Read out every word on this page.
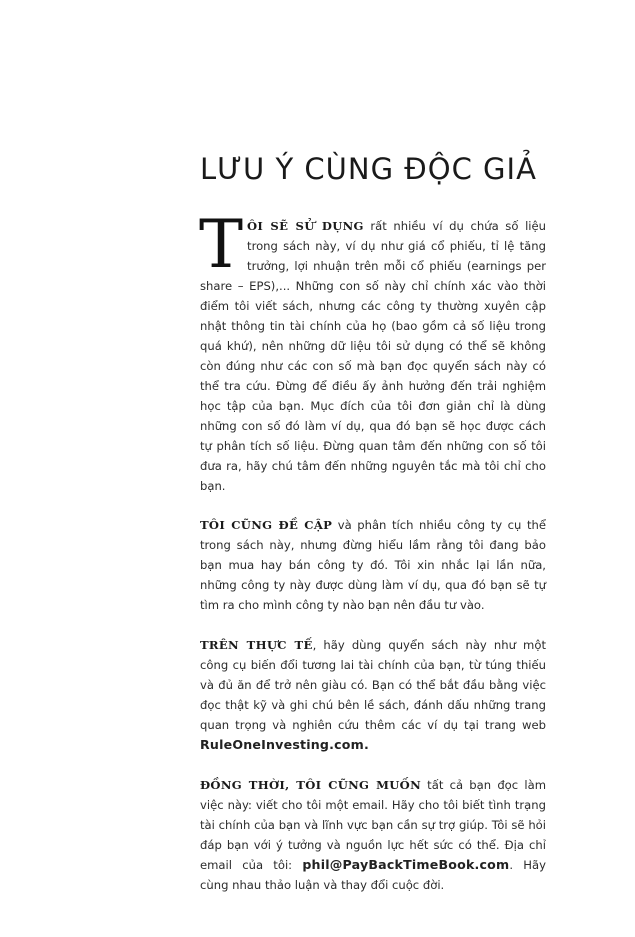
LƯU Ý CÙNG ĐỘC GIẢ

TÔI SẼ SỬ DỤNG rất nhiều ví dụ chứa số liệu trong sách này, ví dụ như giá cổ phiếu, tỉ lệ tăng trưởng, lợi nhuận trên mỗi cổ phiếu (earnings per share – EPS),... Những con số này chỉ chính xác vào thời điểm tôi viết sách, nhưng các công ty thường xuyên cập nhật thông tin tài chính của họ (bao gồm cả số liệu trong quá khứ), nên những dữ liệu tôi sử dụng có thể sẽ không còn đúng như các con số mà bạn đọc quyển sách này có thể tra cứu. Đừng để điều ấy ảnh hưởng đến trải nghiệm học tập của bạn. Mục đích của tôi đơn giản chỉ là dùng những con số đó làm ví dụ, qua đó bạn sẽ học được cách tự phân tích số liệu. Đừng quan tâm đến những con số tôi đưa ra, hãy chú tâm đến những nguyên tắc mà tôi chỉ cho bạn.

TÔI CŨNG ĐỀ CẬP và phân tích nhiều công ty cụ thể trong sách này, nhưng đừng hiểu lầm rằng tôi đang bảo bạn mua hay bán công ty đó. Tôi xin nhắc lại lần nữa, những công ty này được dùng làm ví dụ, qua đó bạn sẽ tự tìm ra cho mình công ty nào bạn nên đầu tư vào.

TRÊN THỰC TẾ, hãy dùng quyển sách này như một công cụ biến đổi tương lai tài chính của bạn, từ túng thiếu và đủ ăn để trở nên giàu có. Bạn có thể bắt đầu bằng việc đọc thật kỹ và ghi chú bên lề sách, đánh dấu những trang quan trọng và nghiên cứu thêm các ví dụ tại trang web RuleOneInvesting.com.

ĐỒNG THỜI, TÔI CŨNG MUỐN tất cả bạn đọc làm việc này: viết cho tôi một email. Hãy cho tôi biết tình trạng tài chính của bạn và lĩnh vực bạn cần sự trợ giúp. Tôi sẽ hỏi đáp bạn với ý tưởng và nguồn lực hết sức có thể. Địa chỉ email của tôi: phil@PayBackTimeBook.com. Hãy cùng nhau thảo luận và thay đổi cuộc đời.
